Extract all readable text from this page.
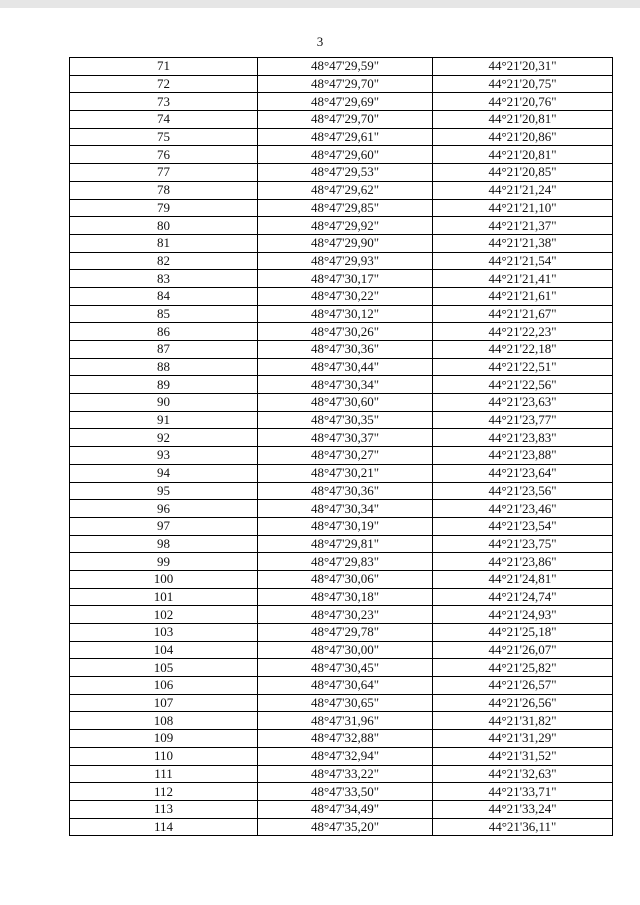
3
71	48°47'29,59"	44°21'20,31"
72	48°47'29,70"	44°21'20,75"
73	48°47'29,69"	44°21'20,76"
74	48°47'29,70"	44°21'20,81"
75	48°47'29,61"	44°21'20,86"
76	48°47'29,60"	44°21'20,81"
77	48°47'29,53"	44°21'20,85"
78	48°47'29,62"	44°21'21,24"
79	48°47'29,85"	44°21'21,10"
80	48°47'29,92"	44°21'21,37"
81	48°47'29,90"	44°21'21,38"
82	48°47'29,93"	44°21'21,54"
83	48°47'30,17"	44°21'21,41"
84	48°47'30,22"	44°21'21,61"
85	48°47'30,12"	44°21'21,67"
86	48°47'30,26"	44°21'22,23"
87	48°47'30,36"	44°21'22,18"
88	48°47'30,44"	44°21'22,51"
89	48°47'30,34"	44°21'22,56"
90	48°47'30,60"	44°21'23,63"
91	48°47'30,35"	44°21'23,77"
92	48°47'30,37"	44°21'23,83"
93	48°47'30,27"	44°21'23,88"
94	48°47'30,21"	44°21'23,64"
95	48°47'30,36"	44°21'23,56"
96	48°47'30,34"	44°21'23,46"
97	48°47'30,19"	44°21'23,54"
98	48°47'29,81"	44°21'23,75"
99	48°47'29,83"	44°21'23,86"
100	48°47'30,06"	44°21'24,81"
101	48°47'30,18"	44°21'24,74"
102	48°47'30,23"	44°21'24,93"
103	48°47'29,78"	44°21'25,18"
104	48°47'30,00"	44°21'26,07"
105	48°47'30,45"	44°21'25,82"
106	48°47'30,64"	44°21'26,57"
107	48°47'30,65"	44°21'26,56"
108	48°47'31,96"	44°21'31,82"
109	48°47'32,88"	44°21'31,29"
110	48°47'32,94"	44°21'31,52"
111	48°47'33,22"	44°21'32,63"
112	48°47'33,50"	44°21'33,71"
113	48°47'34,49"	44°21'33,24"
114	48°47'35,20"	44°21'36,11"
